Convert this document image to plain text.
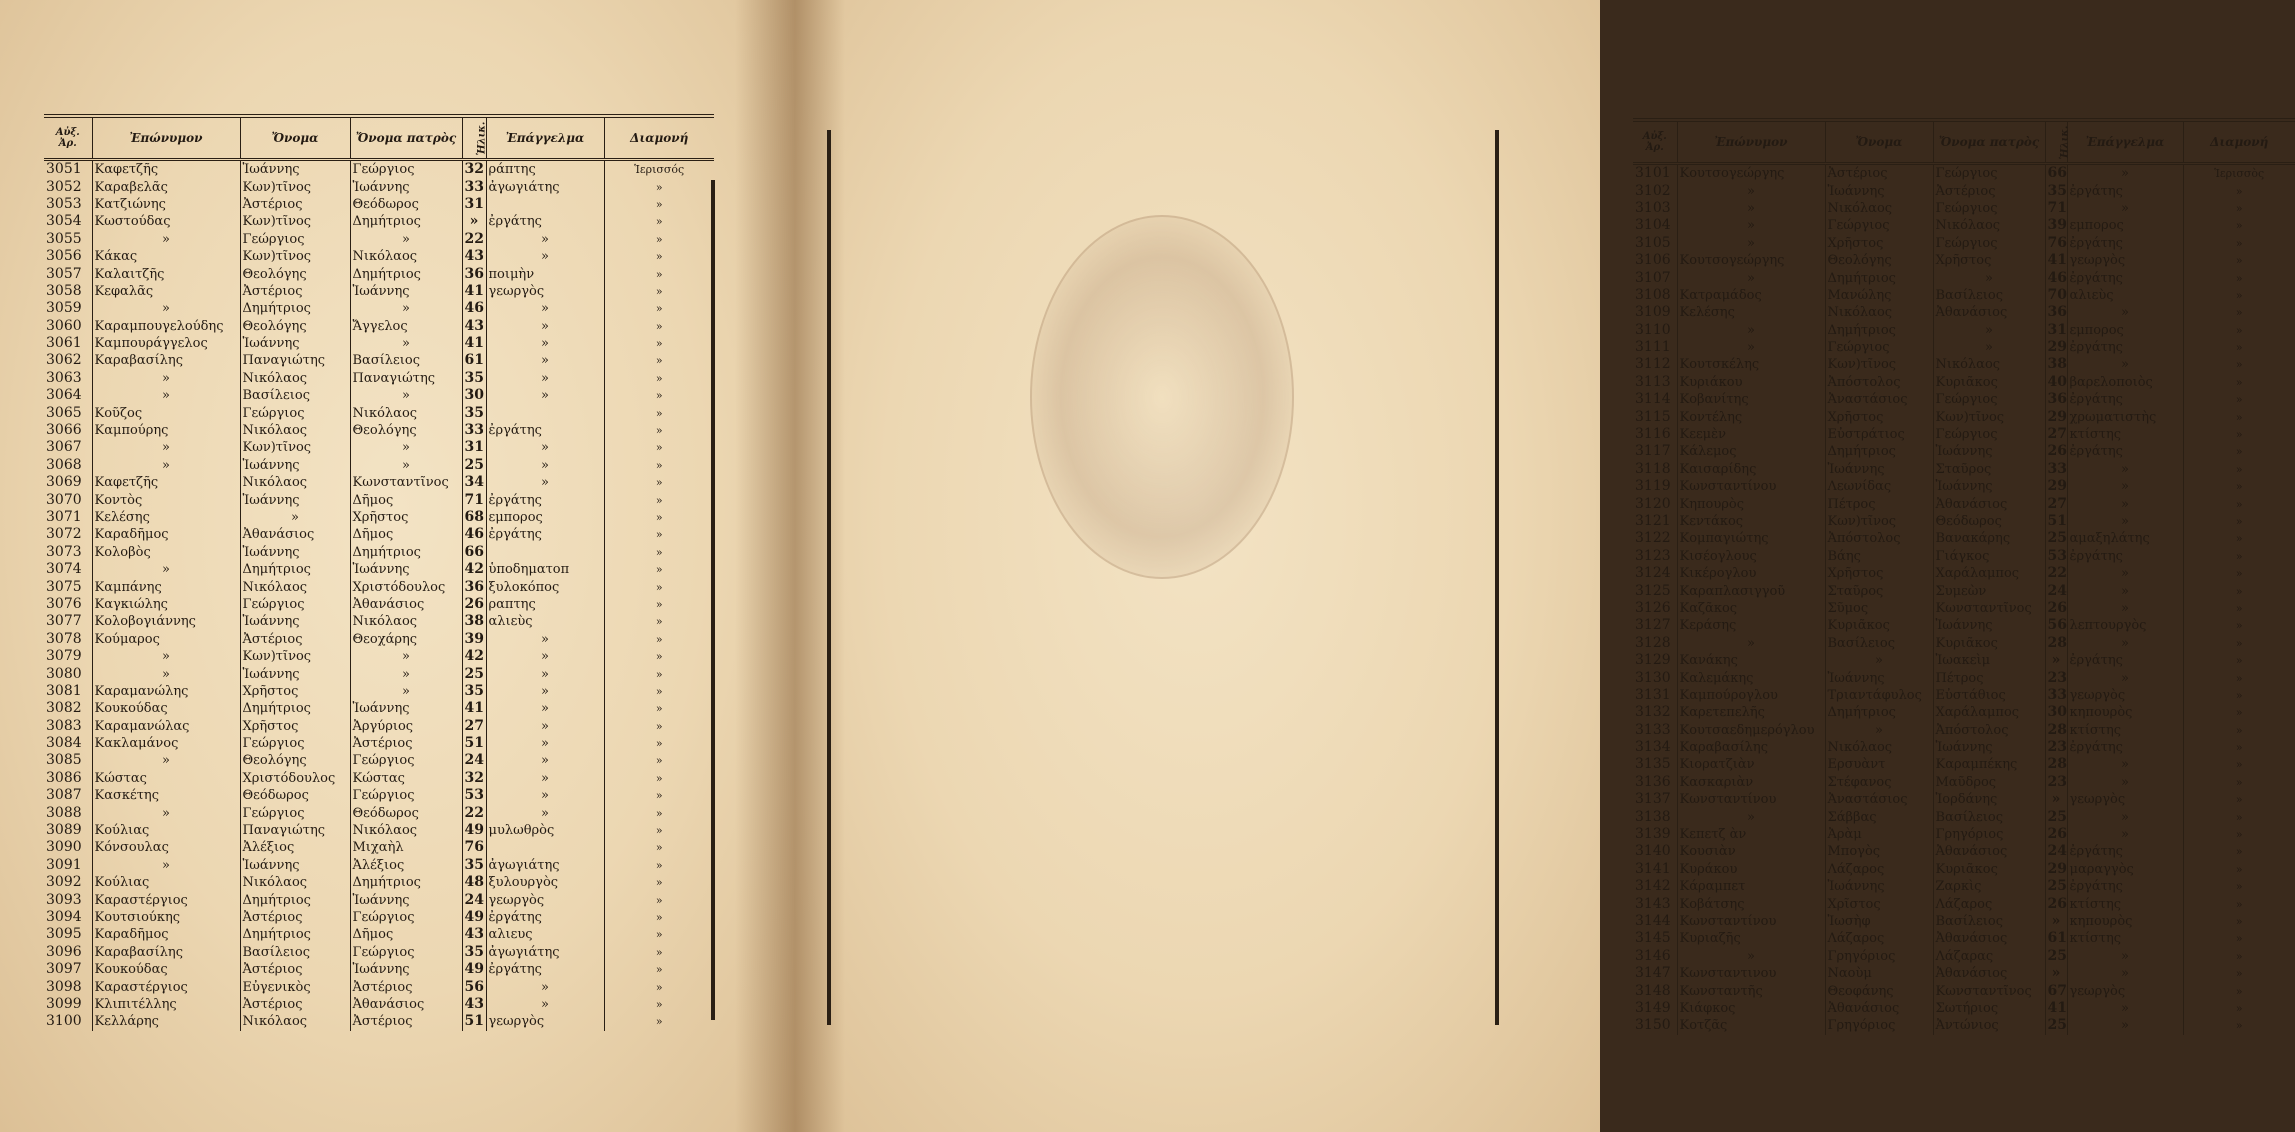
Αὐξ. Ἀρ.	Ἐπώνυμον	Ὄνομα	Ὄνομα πατρὸς	Ἡλικ.	Ἐπάγγελμα	Διαμονή
3051	Καφετζῆς	Ἰωάννης	Γεώργιος	32	ράπτης	Ἱερισσός
3052	Καραβελᾶς	Κων)τῖνος	Ἰωάννης	33	ἀγωγιάτης	»
3053	Κατζιώνης	Ἀστέριος	Θεόδωρος	31		»
3054	Κωστούδας	Κων)τῖνος	Δημήτριος	»	ἐργάτης	»
3055	»	Γεώργιος	»	22	»	»
3056	Κάκας	Κων)τῖνος	Νικόλαος	43	»	»
3057	Καλαιτζῆς	Θεολόγης	Δημήτριος	36	ποιμὴν	»
3058	Κεφαλᾶς	Ἀστέριος	Ἰωάννης	41	γεωργὸς	»
3059	»	Δημήτριος	»	46	»	»
3060	Καραμπουγελούδης	Θεολόγης	Ἄγγελος	43	»	»
3061	Καμπουράγγελος	Ἰωάννης	»	41	»	»
3062	Καραβασίλης	Παναγιώτης	Βασίλειος	61	»	»
3063	»	Νικόλαος	Παναγιώτης	35	»	»
3064	»	Βασίλειος	»	30	»	»
3065	Κοῦζος	Γεώργιος	Νικόλαος	35		»
3066	Καμπούρης	Νικόλαος	Θεολόγης	33	ἐργάτης	»
3067	»	Κων)τῖνος	»	31	»	»
3068	»	Ἰωάννης	»	25	»	»
3069	Καφετζῆς	Νικόλαος	Κωνσταντῖνος	34	»	»
3070	Κοντὸς	Ἰωάννης	Δῆμος	71	ἐργάτης	»
3071	Κελέσης	»	Χρῆστος	68	εμπορος	»
3072	Καραδῆμος	Ἀθανάσιος	Δῆμος	46	ἐργάτης	»
3073	Κολοβὸς	Ἰωάννης	Δημήτριος	66		»
3074	»	Δημήτριος	Ἰωάννης	42	ὑποδηματοπ	»
3075	Καμπάνης	Νικόλαος	Χριστόδουλος	36	ξυλοκόπος	»
3076	Καγκιώλης	Γεώργιος	Ἀθανάσιος	26	ραπτης	»
3077	Κολοβογιάννης	Ἰωάννης	Νικόλαος	38	αλιεὺς	»
3078	Κούμαρος	Ἀστέριος	Θεοχάρης	39	»	»
3079	»	Κων)τῖνος	»	42	»	»
3080	»	Ἰωάννης	»	25	»	»
3081	Καραμανώλης	Χρῆστος	»	35	»	»
3082	Κουκούδας	Δημήτριος	Ἰωάννης	41	»	»
3083	Καραμανώλας	Χρῆστος	Ἀργύριος	27	»	»
3084	Κακλαμάνος	Γεώργιος	Ἀστέριος	51	»	»
3085	»	Θεολόγης	Γεώργιος	24	»	»
3086	Κώστας	Χριστόδουλος	Κώστας	32	»	»
3087	Κασκέτης	Θεόδωρος	Γεώργιος	53	»	»
3088	»	Γεώργιος	Θεόδωρος	22	»	»
3089	Κούλιας	Παναγιώτης	Νικόλαος	49	μυλωθρὸς	»
3090	Κόνσουλας	Ἀλέξιος	Μιχαὴλ	76		»
3091	»	Ἰωάννης	Ἀλέξιος	35	ἀγωγιάτης	»
3092	Κούλιας	Νικόλαος	Δημήτριος	48	ξυλουργὸς	»
3093	Καραστέργιος	Δημήτριος	Ἰωάννης	24	γεωργὸς	»
3094	Κουτσιούκης	Ἀστέριος	Γεώργιος	49	ἐργάτης	»
3095	Καραδῆμος	Δημήτριος	Δῆμος	43	αλιευς	»
3096	Καραβασίλης	Βασίλειος	Γεώργιος	35	ἀγωγιάτης	»
3097	Κουκούδας	Ἀστέριος	Ἰωάννης	49	ἐργάτης	»
3098	Καραστέργιος	Εὐγενικὸς	Ἀστέριος	56	»	»
3099	Κλιπιτέλλης	Ἀστέριος	Ἀθανάσιος	43	»	»
3100	Κελλάρης	Νικόλαος	Ἀστέριος	51	γεωργὸς	»
Αὐξ. Ἀρ.	Ἐπώνυμον	Ὄνομα	Ὄνομα πατρὸς	Ἡλικ.	Ἐπάγγελμα	Διαμονή
3101	Κουτσογεώργης	Ἀστέριος	Γεώργιος	66	»	Ἱερισσὸς
3102	»	Ἰωάννης	Ἀστέριος	35	ἐργάτης	»
3103	»	Νικόλαος	Γεώργιος	71	»	»
3104	»	Γεώργιος	Νικόλαος	39	εμπορος	»
3105	»	Χρῆστος	Γεώργιος	76	ἐργάτης	»
3106	Κουτσογεώργης	Θεολόγης	Χρῆστος	41	γεωργὸς	»
3107	»	Δημήτριος	»	46	ἐργάτης	»
3108	Κατραμάδος	Μανώλης	Βασίλειος	70	αλιεὺς	»
3109	Κελέσης	Νικόλαος	Ἀθανάσιος	36	»	»
3110	»	Δημήτριος	»	31	εμπορος	»
3111	»	Γεώργιος	»	29	ἐργάτης	»
3112	Κουτσκέλης	Κων)τῖνος	Νικόλαος	38	»	»
3113	Κυριάκου	Ἀπόστολος	Κυριᾶκος	40	βαρελοποιὸς	»
3114	Κοβανίτης	Ἀναστάσιος	Γεώργιος	36	ἐργάτης	»
3115	Κοντέλης	Χρῆστος	Κων)τῖνος	29	χρωματιστὴς	»
3116	Κεεμὲν	Εὐστράτιος	Γεώργιος	27	κτίστης	»
3117	Κάλεμος	Δημήτριος	Ἰωάννης	26	ἐργάτης	»
3118	Καισαρίδης	Ἰωάννης	Σταῦρος	33	»	»
3119	Κωνσταντίνου	Λεωνίδας	Ἰωάννης	29	»	»
3120	Κηπουρὸς	Πέτρος	Ἀθανάσιος	27	»	»
3121	Κεντάκος	Κων)τῖνος	Θεόδωρος	51	»	»
3122	Κομπαγιώτης	Ἀπόστολος	Βανακάρης	25	αμαξηλάτης	»
3123	Κισέογλους	Βάης	Γιάγκος	53	ἐργάτης	»
3124	Κικέρογλου	Χρῆστος	Χαράλαμπος	22	»	»
3125	Καραπλασιγγοῦ	Σταῦρος	Συμεὼν	24	»	»
3126	Καζᾶκος	Σῦμος	Κωνσταντῖνος	26	»	»
3127	Κεράσης	Κυριᾶκος	Ἰωάννης	56	λεπτουργὸς	»
3128	»	Βασίλειος	Κυριᾶκος	28	»	»
3129	Κανάκης	»	Ἰωακεὶμ	»	ἐργάτης	»
3130	Καλεμάκης	Ἰωάννης	Πέτρος	23	»	»
3131	Καμπούρογλου	Τριαντάφυλος	Εὐστάθιος	33	γεωργὸς	»
3132	Καρετεπελῆς	Δημήτριος	Χαράλαμπος	30	κηπουρὸς	»
3133	Κουτσαεδημερόγλου	»	Ἀπόστολος	28	κτίστης	»
3134	Καραβασίλης	Νικόλαος	Ἰωάννης	23	ἐργάτης	»
3135	Κιορατζιὰν	Ερσυὰντ	Καραμπέκης	28	»	»
3136	Κασκαριὰν	Στέφανος	Μαῦδρος	23	»	»
3137	Κωνσταντίνου	Ἀναστάσιος	Ἰορδάνης	»	γεωργὸς	»
3138	»	Σάββας	Βασίλειος	25	»	»
3139	Κεπετζ ὰν	Ἀρὰμ	Γρηγόριος	26	»	»
3140	Κουσιὰν	Μπογὸς	Ἀθανάσιος	24	ἐργάτης	»
3141	Κυράκου	Λάζαρος	Κυριᾶκος	29	μαραγγὸς	»
3142	Κάραμπετ	Ἰωάννης	Ζαρκὶς	25	ἐργάτης	»
3143	Κοβάτσης	Χρῖστος	Λάζαρος	26	κτίστης	»
3144	Κωνσταντίνου	Ἰωσὴφ	Βασίλειος	»	κηπουρὸς	»
3145	Κυριαζῆς	Λάζαρος	Ἀθανάσιος	61	κτίστης	»
3146	»	Γρηγόριος	Λάζαρας	25	»	»
3147	Κωνσταντινου	Ναοὺμ	Ἀθανάσιος	»	»	»
3148	Κωνσταντῆς	Θεοφάνης	Κωνσταντῖνος	67	γεωργὸς	»
3149	Κιάφκος	Ἀθανάσιος	Σωτήριος	41	»	»
3150	Κοτζᾶς	Γρηγόριος	Ἀντώνιος	25	»	»
